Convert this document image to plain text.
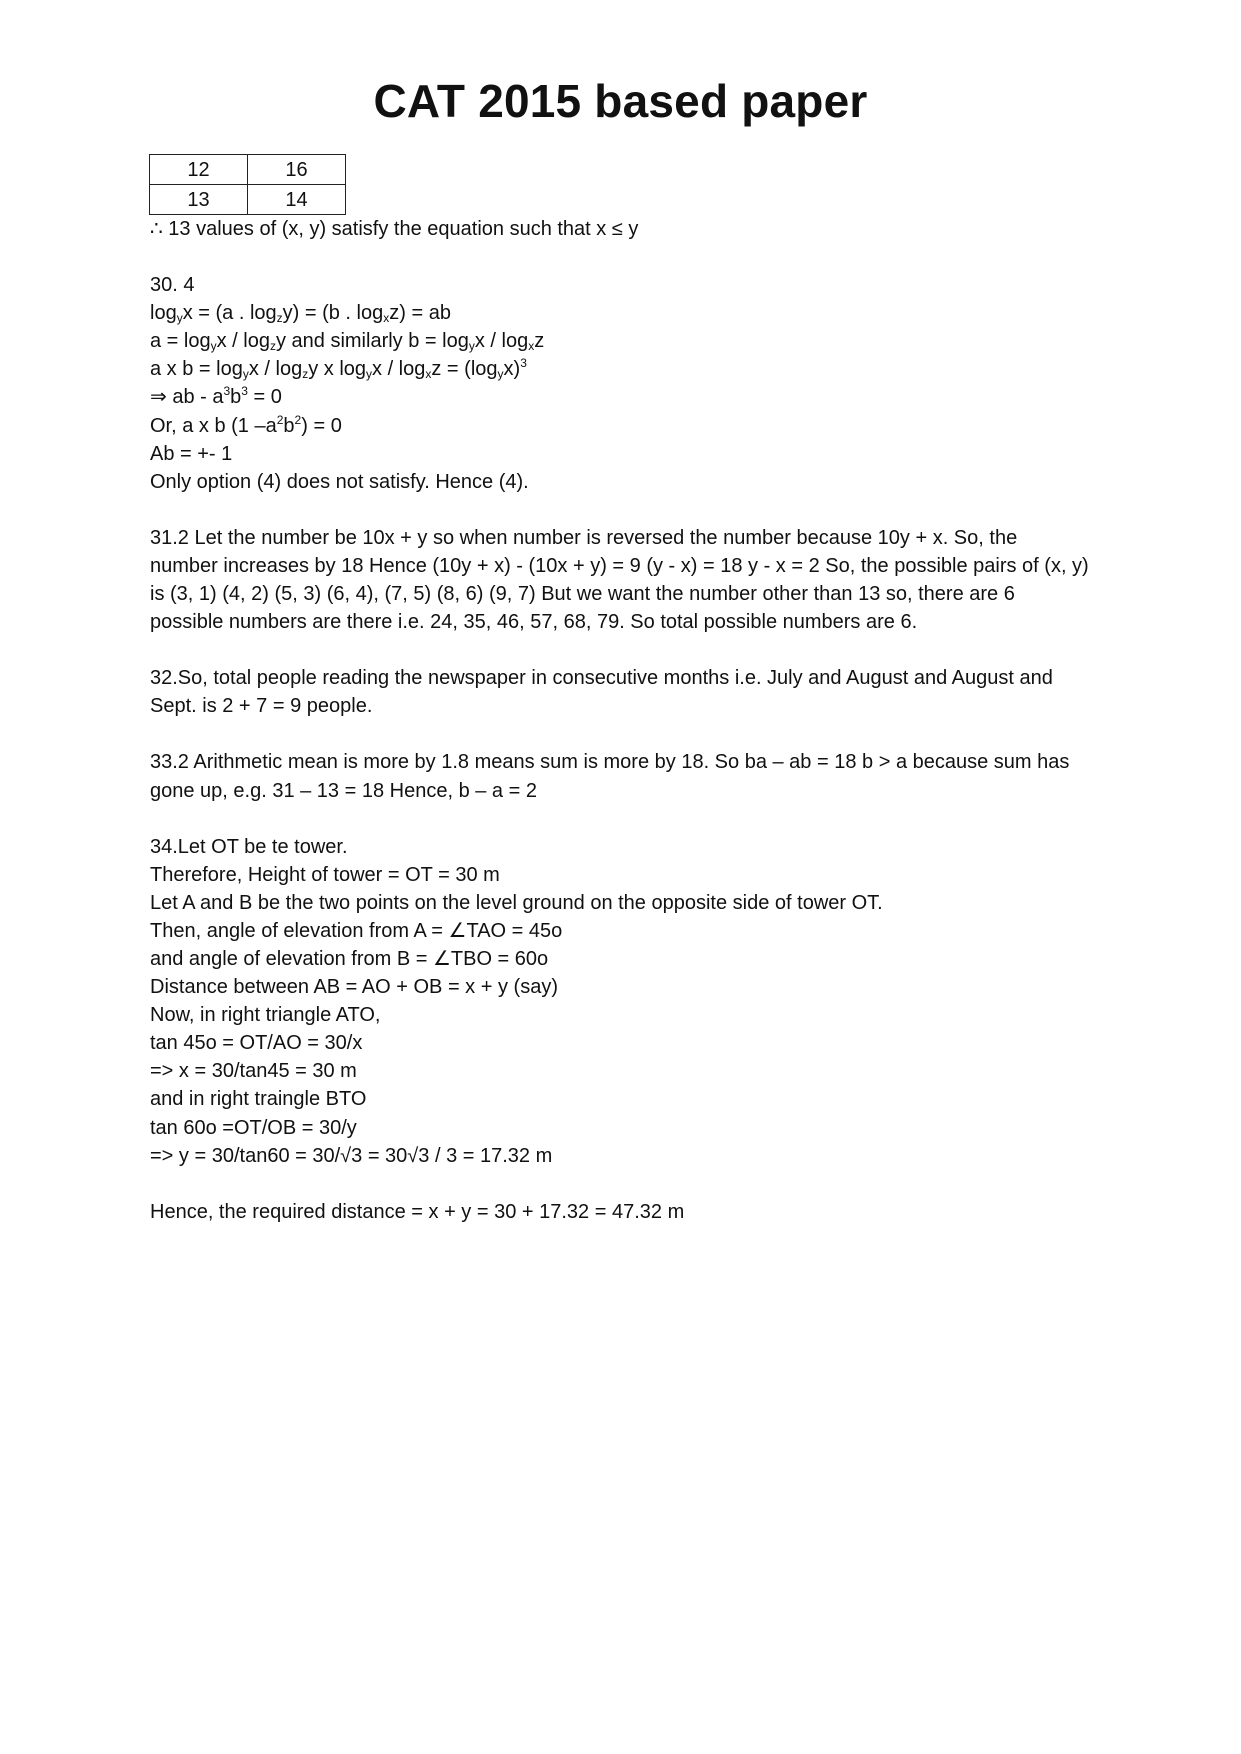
CAT 2015 based paper
12	16
13	14
∴ 13 values of (x, y) satisfy the equation such that x ≤ y
30. 4
$\log_yx = (a$ . $\log_zy) = (b$ . $\log_xz$) = ab
$a = \log_yx / \log_zy$ and similarly $b = \log_yx / \log_xz$
a x $b = \log_yx / \log_zy$ x $\log_yx / \log_xz = (\log_yx)^3$
⇒ ab - $a^3b^3 = 0$
Or, a x b (1 $-a^2b^2) = 0$
Ab = +- 1
Only option (4) does not satisfy. Hence (4).
31.2 Let the number be 10x + y so when number is reversed the number because 10y + x. So, the number increases by 18 Hence (10y + x) - (10x + y) = 9 (y - x) = 18 y - x = 2 So, the possible pairs of (x, y) is (3, 1) (4, 2) (5, 3) (6, 4), (7, 5) (8, 6) (9, 7) But we want the number other than 13 so, there are 6 possible numbers are there i.e. 24, 35, 46, 57, 68, 79. So total possible numbers are 6.
32.So, total people reading the newspaper in consecutive months i.e. July and August and August and Sept. is 2 + 7 = 9 people.
33.2 Arithmetic mean is more by 1.8 means sum is more by 18. So ba – ab = 18 b > a because sum has gone up, e.g. 31 – 13 = 18 Hence, b – a = 2
34.Let OT be te tower.
Therefore, Height of tower = OT = 30 m
Let A and B be the two points on the level ground on the opposite side of tower OT.
Then, angle of elevation from A = ∠TAO = 45o
and angle of elevation from B = ∠TBO = 60o
Distance between AB = AO + OB = x + y (say)
Now, in right triangle ATO,
tan 45o = OT/AO = 30/x
=> x = 30/tan45 = 30 m
and in right traingle BTO
tan 60o =OT/OB = 30/y
=> y = 30/tan60 = 30/√3 = 30√3 / 3 = 17.32 m
Hence, the required distance = x + y = 30 + 17.32 = 47.32 m
